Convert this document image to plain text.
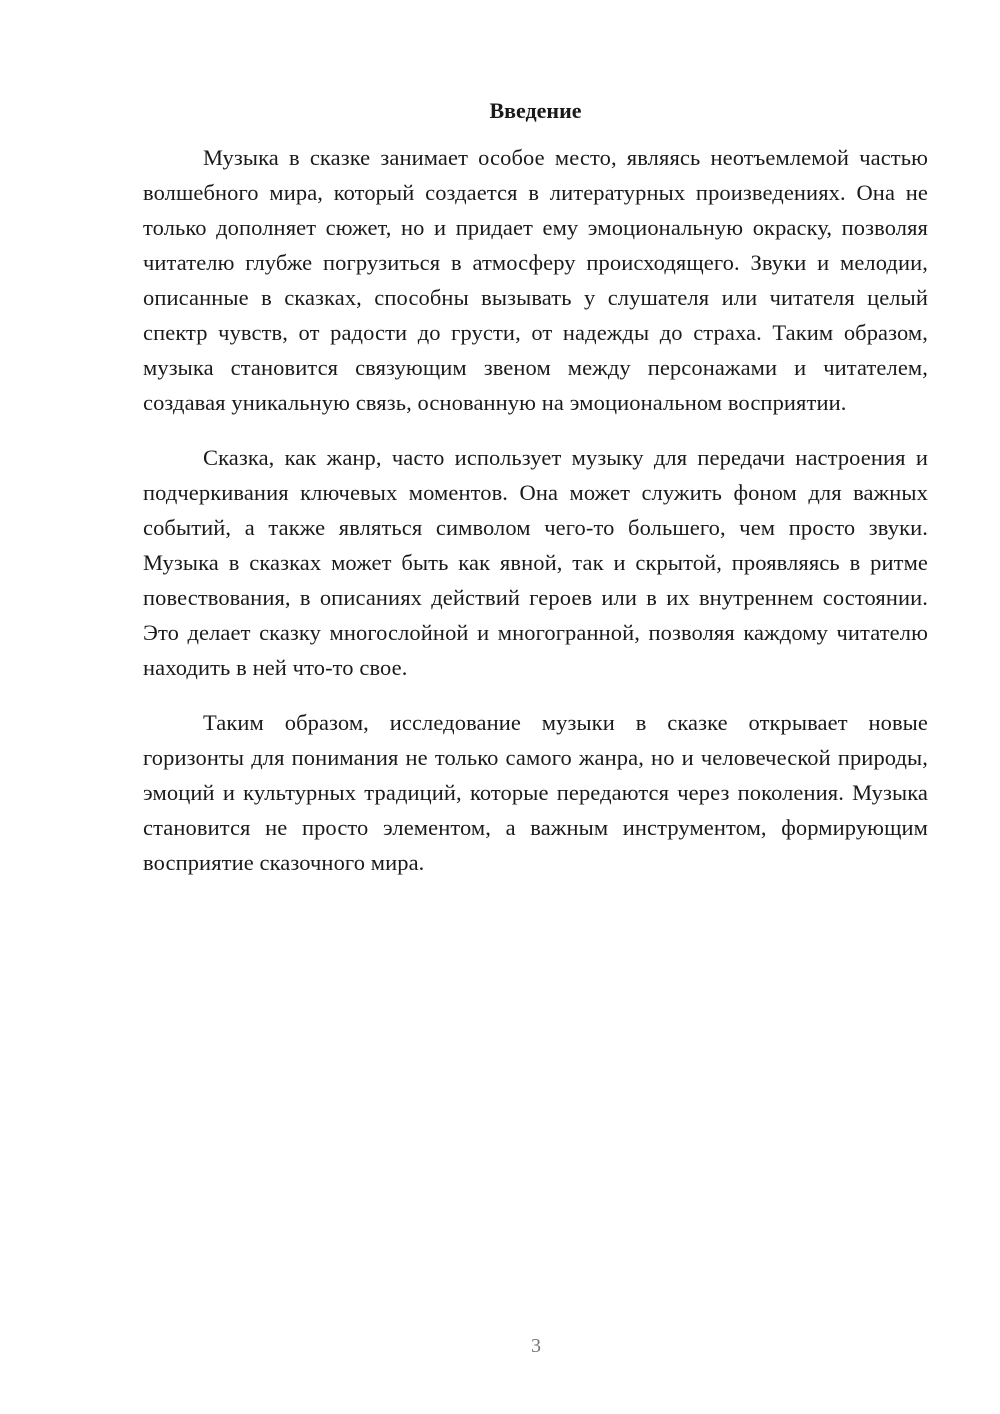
Введение

Музыка в сказке занимает особое место, являясь неотъемлемой частью волшебного мира, который создается в литературных произведениях. Она не только дополняет сюжет, но и придает ему эмоциональную окраску, позволяя читателю глубже погрузиться в атмосферу происходящего. Звуки и мелодии, описанные в сказках, способны вызывать у слушателя или читателя целый спектр чувств, от радости до грусти, от надежды до страха. Таким образом, музыка становится связующим звеном между персонажами и читателем, создавая уникальную связь, основанную на эмоциональном восприятии.

Сказка, как жанр, часто использует музыку для передачи настроения и подчеркивания ключевых моментов. Она может служить фоном для важных событий, а также являться символом чего-то большего, чем просто звуки. Музыка в сказках может быть как явной, так и скрытой, проявляясь в ритме повествования, в описаниях действий героев или в их внутреннем состоянии. Это делает сказку многослойной и многогранной, позволяя каждому читателю находить в ней что-то свое.

Таким образом, исследование музыки в сказке открывает новые горизонты для понимания не только самого жанра, но и человеческой природы, эмоций и культурных традиций, которые передаются через поколения. Музыка становится не просто элементом, а важным инструментом, формирующим восприятие сказочного мира.

3
